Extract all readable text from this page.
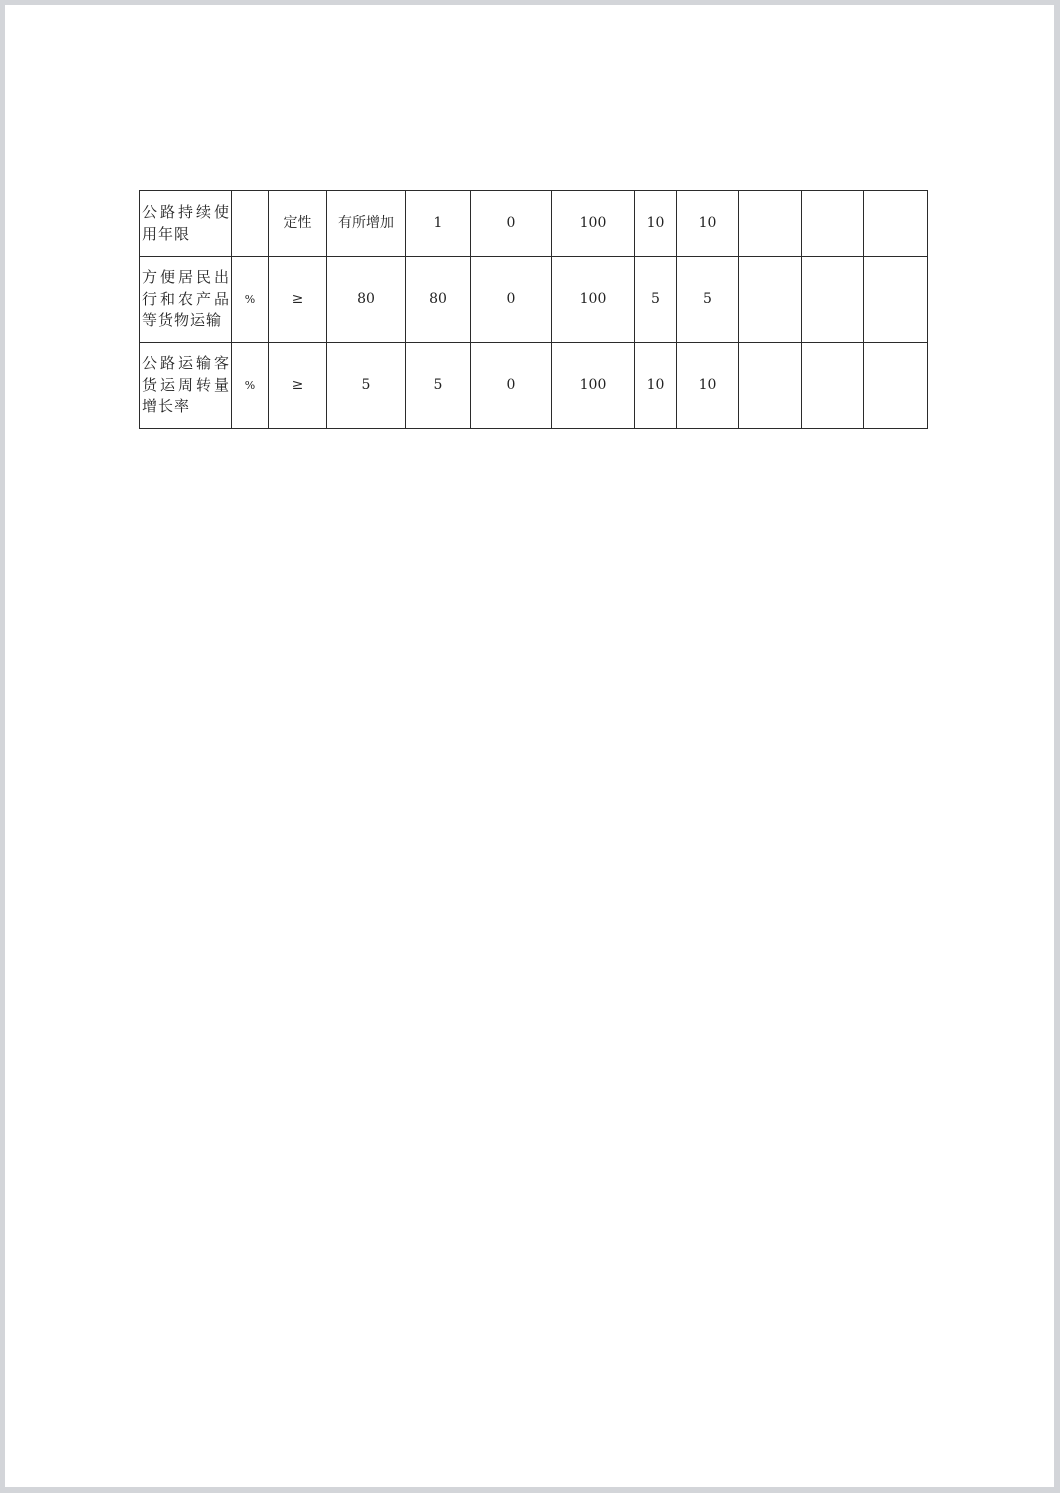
公路持续使用年限		定性	有所增加	1	0	100	10	10			
方便居民出行和农产品等货物运输	%	≥	80	80	0	100	5	5			
公路运输客货运周转量增长率	%	≥	5	5	0	100	10	10			
